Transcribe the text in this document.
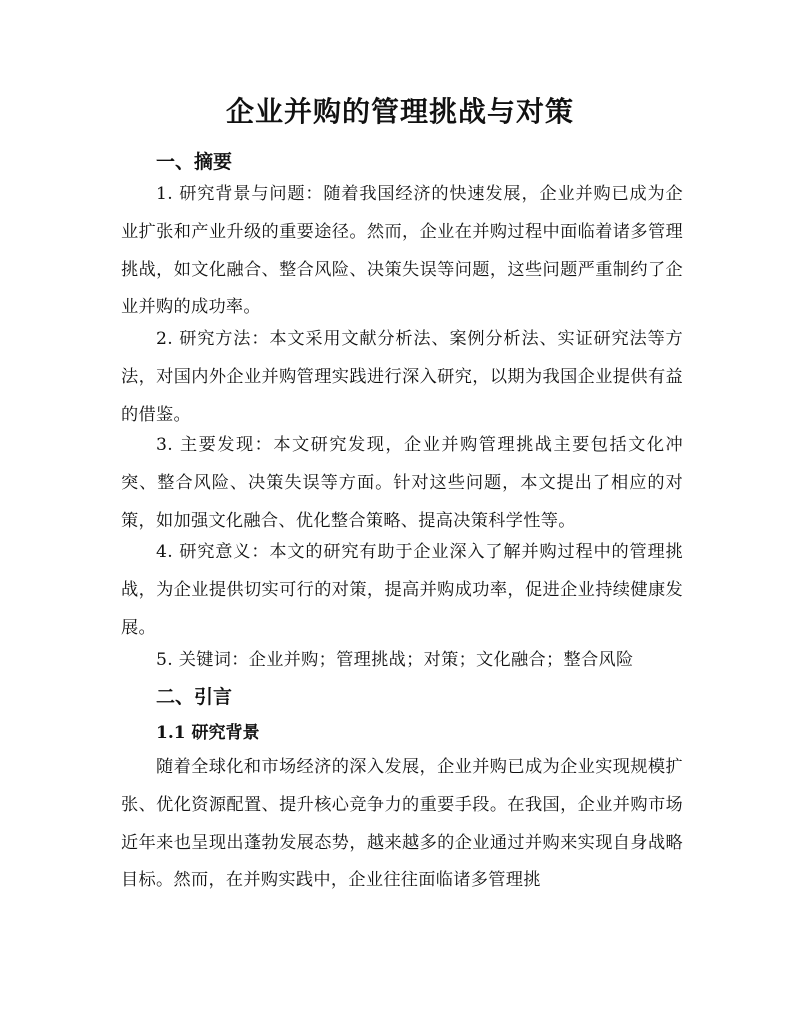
企业并购的管理挑战与对策
一、摘要

1. 研究背景与问题：随着我国经济的快速发展，企业并购已成为企业扩张和产业升级的重要途径。然而，企业在并购过程中面临着诸多管理挑战，如文化融合、整合风险、决策失误等问题，这些问题严重制约了企业并购的成功率。

2. 研究方法：本文采用文献分析法、案例分析法、实证研究法等方法，对国内外企业并购管理实践进行深入研究，以期为我国企业提供有益的借鉴。

3. 主要发现：本文研究发现，企业并购管理挑战主要包括文化冲突、整合风险、决策失误等方面。针对这些问题，本文提出了相应的对策，如加强文化融合、优化整合策略、提高决策科学性等。

4. 研究意义：本文的研究有助于企业深入了解并购过程中的管理挑战，为企业提供切实可行的对策，提高并购成功率，促进企业持续健康发展。

5. 关键词：企业并购；管理挑战；对策；文化融合；整合风险

二、引言
1.1 研究背景

随着全球化和市场经济的深入发展，企业并购已成为企业实现规模扩张、优化资源配置、提升核心竞争力的重要手段。在我国，企业并购市场近年来也呈现出蓬勃发展态势，越来越多的企业通过并购来实现自身战略目标。然而，在并购实践中，企业往往面临诸多管理挑
